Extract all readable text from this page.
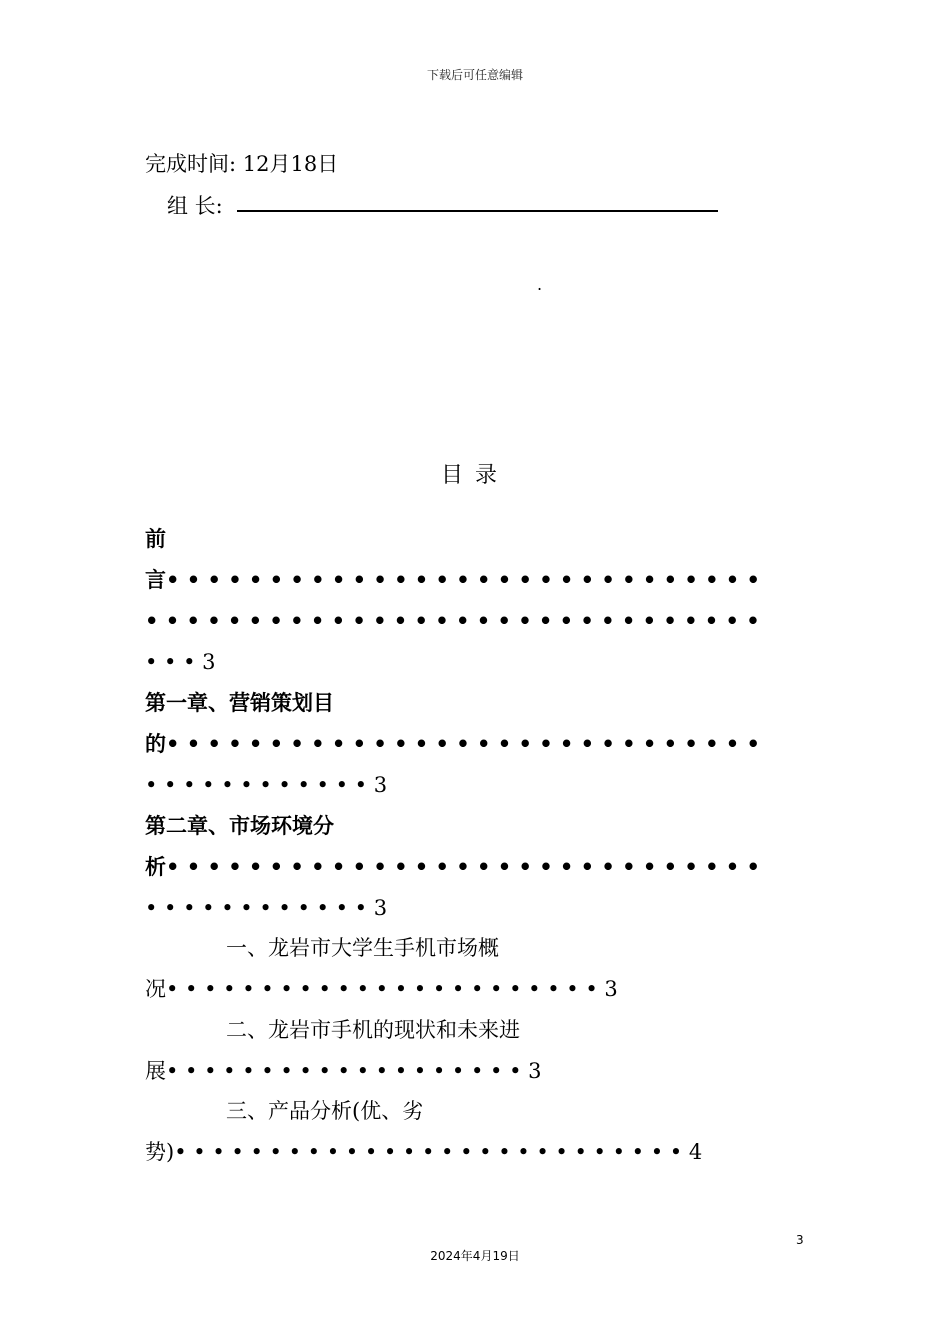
下载后可任意编辑
完成时间: 12月18日
组 长:
.
目录
前
言• • • • • • • • • • • • • • • • • • • • • • • • • • • • •
• • • • • • • • • • • • • • • • • • • • • • • • • • • • • •
• • • 3
第一章、营销策划目
的• • • • • • • • • • • • • • • • • • • • • • • • • • • • •
• • • • • • • • • • • • 3
第二章、市场环境分
析• • • • • • • • • • • • • • • • • • • • • • • • • • • • •
• • • • • • • • • • • • 3
一、龙岩市大学生手机市场概
况• • • • • • • • • • • • • • • • • • • • • • • 3
二、龙岩市手机的现状和未来进
展• • • • • • • • • • • • • • • • • • • 3
三、产品分析(优、劣
势)• • • • • • • • • • • • • • • • • • • • • • • • • • • 4
3
2024年4月19日
